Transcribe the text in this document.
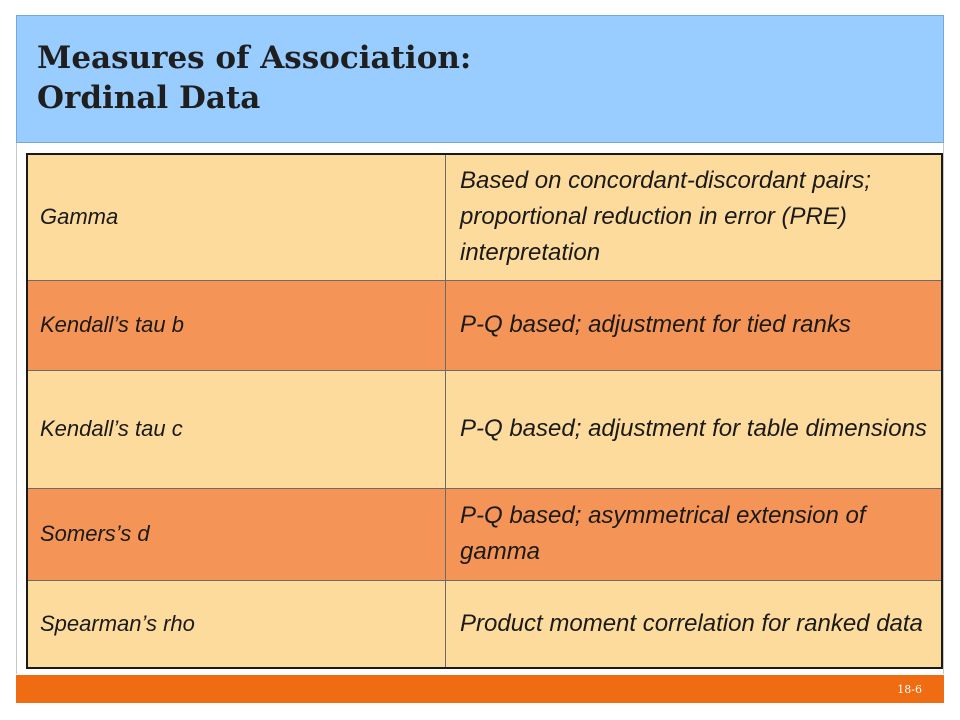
Measures of Association:
Ordinal Data
Gamma	Based on concordant-discordant pairs; proportional reduction in error (PRE) interpretation
Kendall’s tau b	P-Q based; adjustment for tied ranks
Kendall’s tau c	P-Q based; adjustment for table dimensions
Somers’s d	P-Q based; asymmetrical extension of gamma
Spearman’s rho	Product moment correlation for ranked data
18-6
